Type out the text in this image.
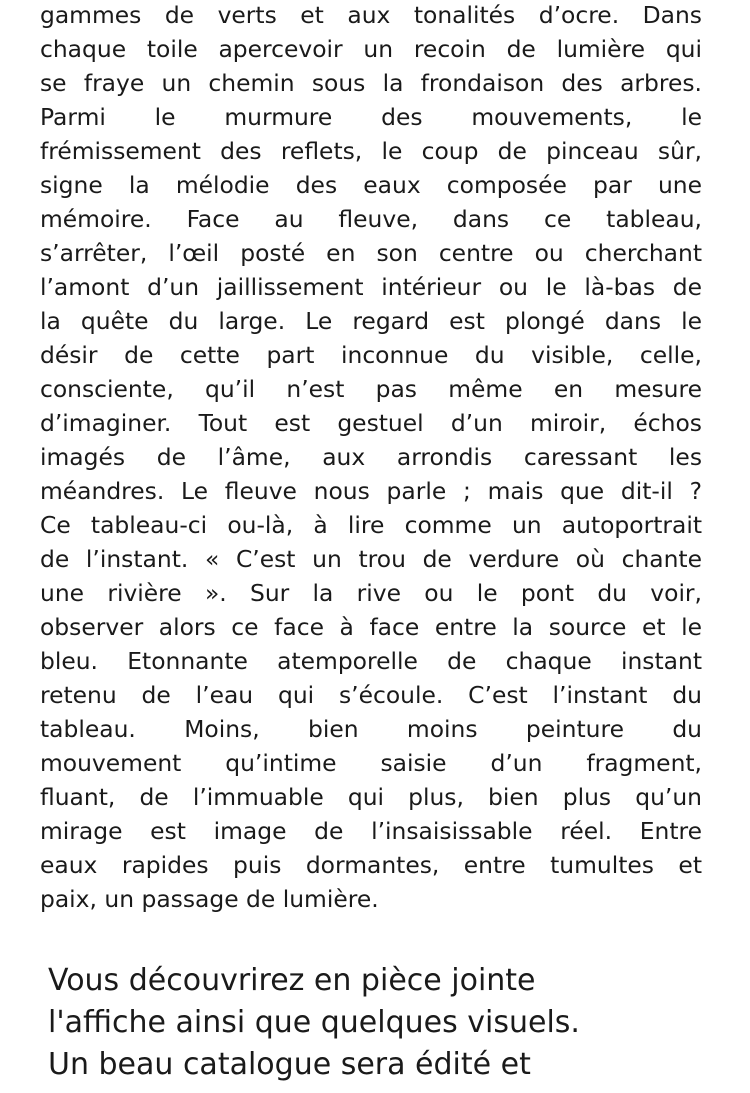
gammes de verts et aux tonalités d’ocre. Dans
chaque toile apercevoir un recoin de lumière qui
se fraye un chemin sous la frondaison des arbres.
Parmi le murmure des mouvements, le
frémissement des reflets, le coup de pinceau sûr,
signe la mélodie des eaux composée par une
mémoire. Face au fleuve, dans ce tableau,
s’arrêter, l’œil posté en son centre ou cherchant
l’amont d’un jaillissement intérieur ou le là-bas de
la quête du large. Le regard est plongé dans le
désir de cette part inconnue du visible, celle,
consciente, qu’il n’est pas même en mesure
d’imaginer. Tout est gestuel d’un miroir, échos
imagés de l’âme, aux arrondis caressant les
méandres. Le fleuve nous parle ; mais que dit-il ?
Ce tableau-ci ou-là, à lire comme un autoportrait
de l’instant. « C’est un trou de verdure où chante
une rivière ». Sur la rive ou le pont du voir,
observer alors ce face à face entre la source et le
bleu. Etonnante atemporelle de chaque instant
retenu de l’eau qui s’écoule. C’est l’instant du
tableau. Moins, bien moins peinture du
mouvement qu’intime saisie d’un fragment,
fluant, de l’immuable qui plus, bien plus qu’un
mirage est image de l’insaisissable réel. Entre
eaux rapides puis dormantes, entre tumultes et
paix, un passage de lumière.
Vous découvrirez en pièce jointe
l'affiche ainsi que quelques visuels.
Un beau catalogue sera édité et
